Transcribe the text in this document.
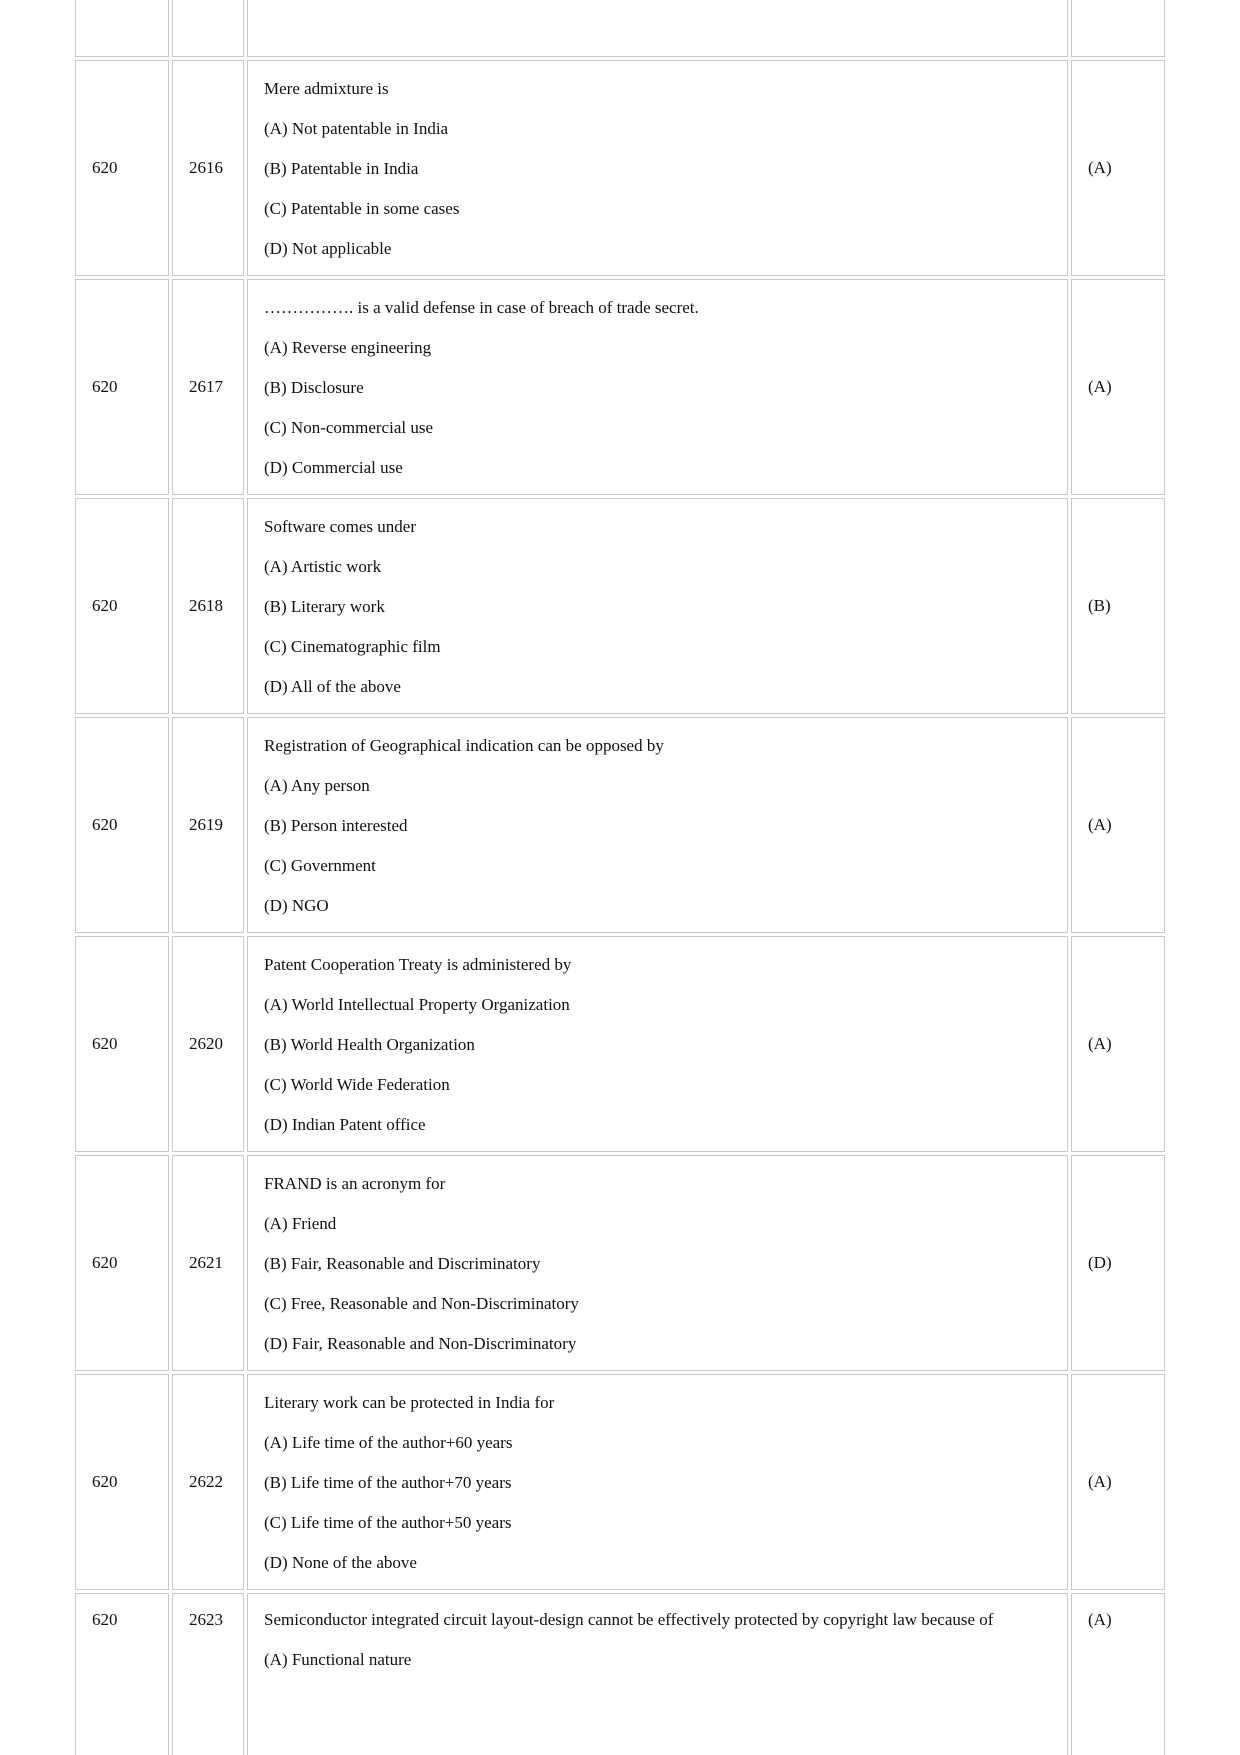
620	2616	Mere admixture is

(A) Not patentable in India

(B) Patentable in India

(C) Patentable in some cases

(D) Not applicable	(A)
620	2617	……………. is a valid defense in case of breach of trade secret.

(A) Reverse engineering

(B) Disclosure

(C) Non-commercial use

(D) Commercial use	(A)
620	2618	Software comes under

(A) Artistic work

(B) Literary work

(C) Cinematographic film

(D) All of the above	(B)
620	2619	Registration of Geographical indication can be opposed by

(A) Any person

(B) Person interested

(C) Government

(D) NGO	(A)
620	2620	Patent Cooperation Treaty is administered by

(A) World Intellectual Property Organization

(B) World Health Organization

(C) World Wide Federation

(D) Indian Patent office	(A)
620	2621	FRAND is an acronym for

(A) Friend

(B) Fair, Reasonable and Discriminatory

(C) Free, Reasonable and Non-Discriminatory

(D) Fair, Reasonable and Non-Discriminatory	(D)
620	2622	Literary work can be protected in India for

(A) Life time of the author+60 years

(B) Life time of the author+70 years

(C) Life time of the author+50 years

(D) None of the above	(A)
620	2623	Semiconductor integrated circuit layout-design cannot be effectively protected by copyright law because of

(A) Functional nature	(A)
